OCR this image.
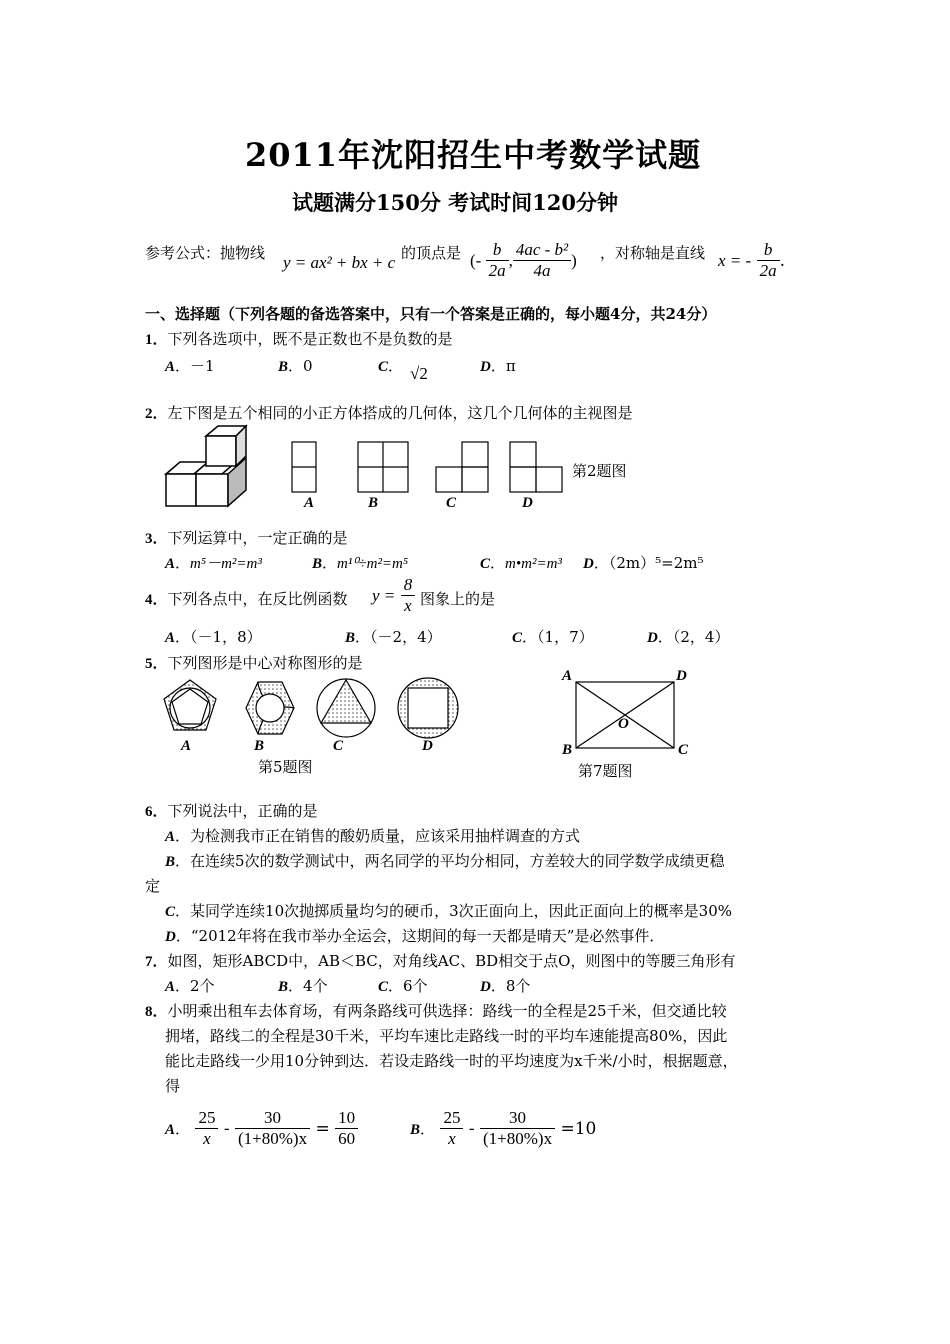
2011年沈阳招生中考数学试题
试题满分150分 考试时间120分钟
参考公式：抛物线 y = ax² + bx + c 的顶点是 (- $\frac{b}{2a}$ , $\frac{\text{4ac - b²}}{4a}$ ) ，对称轴是直线 x = - $\frac{b}{2a}$ .
一、选择题（下列各题的备选答案中，只有一个答案是正确的，每小题4分，共24分）
1．下列各选项中，既不是正数也不是负数的是
A．－1	B．0	C． √2	D．π
2．左下图是五个相同的小正方体搭成的几何体，这几个几何体的主视图是
A	B	C	D
第2题图
3．下列运算中，一定正确的是
A．m⁵－m²=m³	B．m¹⁰÷m²=m⁵	C．m•m²=m³ D．（2m）⁵=2m⁵
4．下列各点中，在反比例函数 $y = \frac{8}{x}$ 图象上的是
A．（－1，8）	B．（－2，4）	C．（1，7）	D．（2，4）
5．下列图形是中心对称图形的是
A	B	C	D
第5题图
A	D
B	C
O
第7题图
6．下列说法中，正确的是
A．为检测我市正在销售的酸奶质量，应该采用抽样调查的方式
B．在连续5次的数学测试中，两名同学的平均分相同，方差较大的同学数学成绩更稳
定
C．某同学连续10次抛掷质量均匀的硬币，3次正面向上，因此正面向上的概率是30%
D．“2012年将在我市举办全运会，这期间的每一天都是晴天”是必然事件．
7．如图，矩形ABCD中，AB＜BC，对角线AC、BD相交于点O，则图中的等腰三角形有
A．2个	B．4个	C．6个	D．8个
8．小明乘出租车去体育场，有两条路线可供选择：路线一的全程是25千米，但交通比较
拥堵，路线二的全程是30千米，平均车速比走路线一时的平均车速能提高80%，因此
能比走路线一少用10分钟到达．若设走路线一时的平均速度为x千米/小时，根据题意，
得
A． $\frac{25}{x} - \frac{30}{(1+80\%)x} = \frac{10}{60}$	B． $\frac{25}{x} - \frac{30}{(1+80\%)x} =10$
